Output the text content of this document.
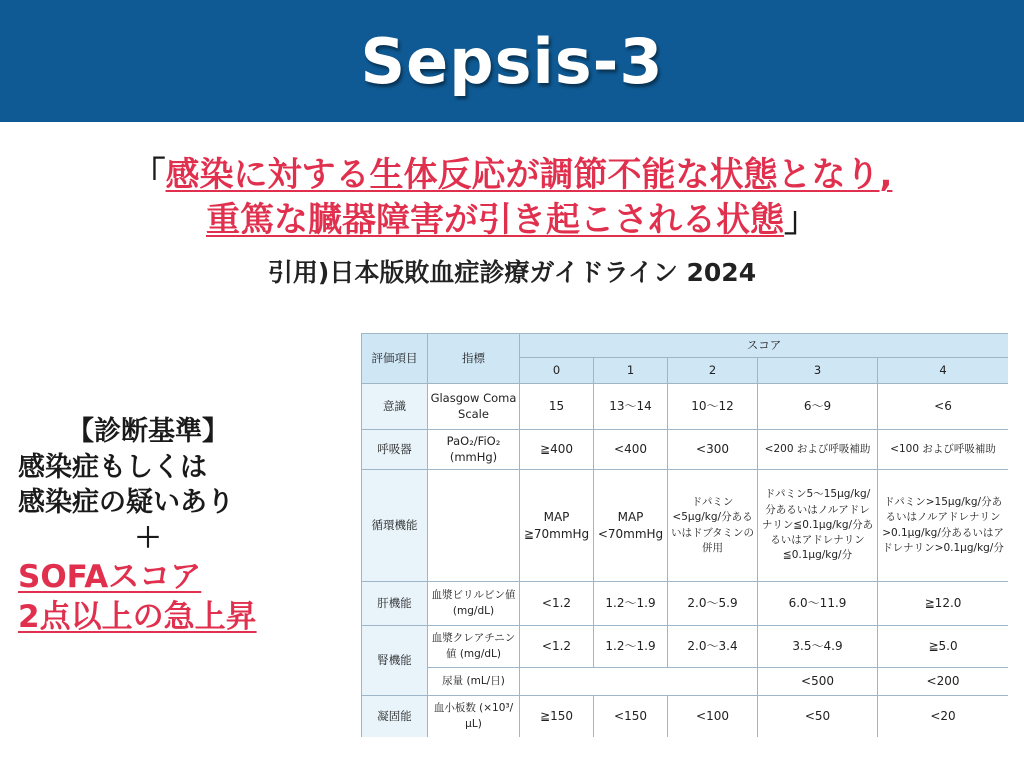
Sepsis-3
「感染に対する生体反応が調節不能な状態となり,
重篤な臓器障害が引き起こされる状態」
引用)日本版敗血症診療ガイドライン 2024
【診断基準】
感染症もしくは
感染症の疑いあり
＋
SOFAスコア
2点以上の急上昇
評価項目	指標	スコア				
		0	1	2	3	4
意識	Glasgow Coma Scale	15	13〜14	10〜12	6〜9	<6
呼吸器	PaO₂/FiO₂ (mmHg)	≧400	<400	<300	<200 および呼吸補助	<100 および呼吸補助
循環機能		MAP ≧70mmHg	MAP <70mmHg	ドパミン<5μg/kg/分あるいはドブタミンの併用	ドパミン5〜15μg/kg/分あるいはノルアドレナリン≦0.1μg/kg/分あるいはアドレナリン≦0.1μg/kg/分	ドパミン>15μg/kg/分あるいはノルアドレナリン>0.1μg/kg/分あるいはアドレナリン>0.1μg/kg/分
肝機能	血漿ビリルビン値 (mg/dL)	<1.2	1.2〜1.9	2.0〜5.9	6.0〜11.9	≧12.0
腎機能	血漿クレアチニン値 (mg/dL)	<1.2	1.2〜1.9	2.0〜3.4	3.5〜4.9	≧5.0
	尿量 (mL/日)				<500	<200
凝固能	血小板数 (×10³/μL)	≧150	<150	<100	<50	<20
